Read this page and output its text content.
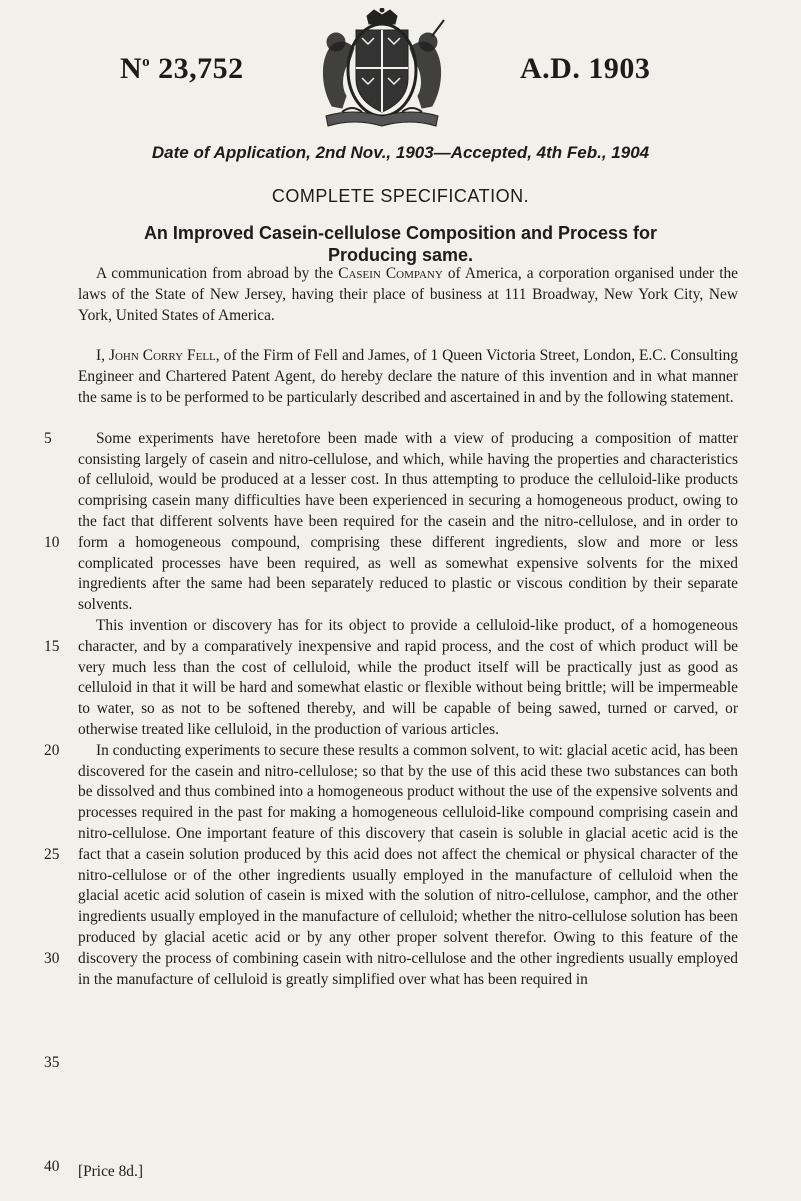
$N^o$ 23,752	A.D. 1903
Date of Application, 2nd Nov., 1903—Accepted, 4th Feb., 1904
COMPLETE SPECIFICATION.
An Improved Casein-cellulose Composition and Process for
Producing same.

A communication from abroad by the Casein Company of America, a corporation organised under the laws of the State of New Jersey, having their place of business at 111 Broadway, New York City, New York, United States of America.

I, John Corry Fell, of the Firm of Fell and James, of 1 Queen Victoria Street, London, E.C. Consulting Engineer and Chartered Patent Agent, do hereby declare the nature of this invention and in what manner the same is to be performed to be particularly described and ascertained in and by the following statement.

Some experiments have heretofore been made with a view of producing a composition of matter consisting largely of casein and nitro-cellulose, and which, while having the properties and characteristics of celluloid, would be produced at a lesser cost. In thus attempting to produce the celluloid-like products comprising casein many difficulties have been experienced in securing a homogeneous product, owing to the fact that different solvents have been required for the casein and the nitro-cellulose, and in order to form a homogeneous compound, comprising these different ingredients, slow and more or less complicated processes have been required, as well as somewhat expensive solvents for the mixed ingredients after the same had been separately reduced to plastic or viscous condition by their separate solvents.

This invention or discovery has for its object to provide a celluloid-like product, of a homogeneous character, and by a comparatively inexpensive and rapid process, and the cost of which product will be very much less than the cost of celluloid, while the product itself will be practically just as good as celluloid in that it will be hard and somewhat elastic or flexible without being brittle; will be impermeable to water, so as not to be softened thereby, and will be capable of being sawed, turned or carved, or otherwise treated like celluloid, in the production of various articles.

In conducting experiments to secure these results a common solvent, to wit: glacial acetic acid, has been discovered for the casein and nitro-cellulose; so that by the use of this acid these two substances can both be dissolved and thus combined into a homogeneous product without the use of the expensive solvents and processes required in the past for making a homogeneous celluloid-like compound comprising casein and nitro-cellulose. One important feature of this discovery that casein is soluble in glacial acetic acid is the fact that a casein solution produced by this acid does not affect the chemical or physical character of the nitro-cellulose or of the other ingredients usually employed in the manufacture of celluloid when the glacial acetic acid solution of casein is mixed with the solution of nitro-cellulose, camphor, and the other ingredients usually employed in the manufacture of celluloid; whether the nitro-cellulose solution has been produced by glacial acetic acid or by any other proper solvent therefor. Owing to this feature of the discovery the process of combining casein with nitro-cellulose and the other ingredients usually employed in the manufacture of celluloid is greatly simplified over what has been required in

5
10
15
20
25
30
35
40 [Price 8d.]
